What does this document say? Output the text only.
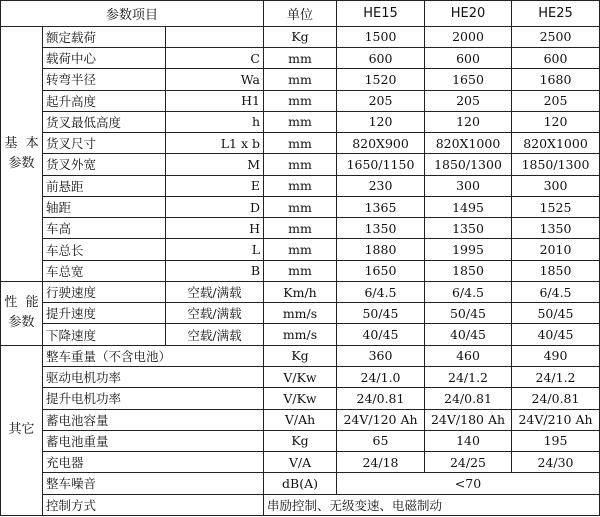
参数项目			单位	HE15	HE20	HE25
基  本
参数	额定载荷		Kg	1500	2000	2500
	载荷中心	C	mm	600	600	600
	转弯半径	Wa	mm	1520	1650	1680
	起升高度	H1	mm	205	205	205
	货叉最低高度	h	mm	120	120	120
	货叉尺寸	L1 x b	mm	820X900	820X1000	820X1000
	货叉外宽	M	mm	1650/1150	1850/1300	1850/1300
	前悬距	E	mm	230	300	300
	轴距	D	mm	1365	1495	1525
	车高	H	mm	1350	1350	1350
	车总长	L	mm	1880	1995	2010
	车总宽	B	mm	1650	1850	1850
性  能
参数	行驶速度	空载/满载	Km/h	6/4.5	6/4.5	6/4.5
	提升速度	空载/满载	mm/s	50/45	50/45	50/45
	下降速度	空载/满载	mm/s	40/45	40/45	40/45
其它	整车重量（不含电池）		Kg	360	460	490
	驱动电机功率		V/Kw	24/1.0	24/1.2	24/1.2
	提升电机功率		V/Kw	24/0.81	24/0.81	24/0.81
	蓄电池容量		V/Ah	24V/120 Ah	24V/180 Ah	24V/210 Ah
	蓄电池重量		Kg	65	140	195
	充电器		V/A	24/18	24/25	24/30
	整车噪音		dB(A)	<70		
	控制方式		串励控制、无级变速、电磁制动			
